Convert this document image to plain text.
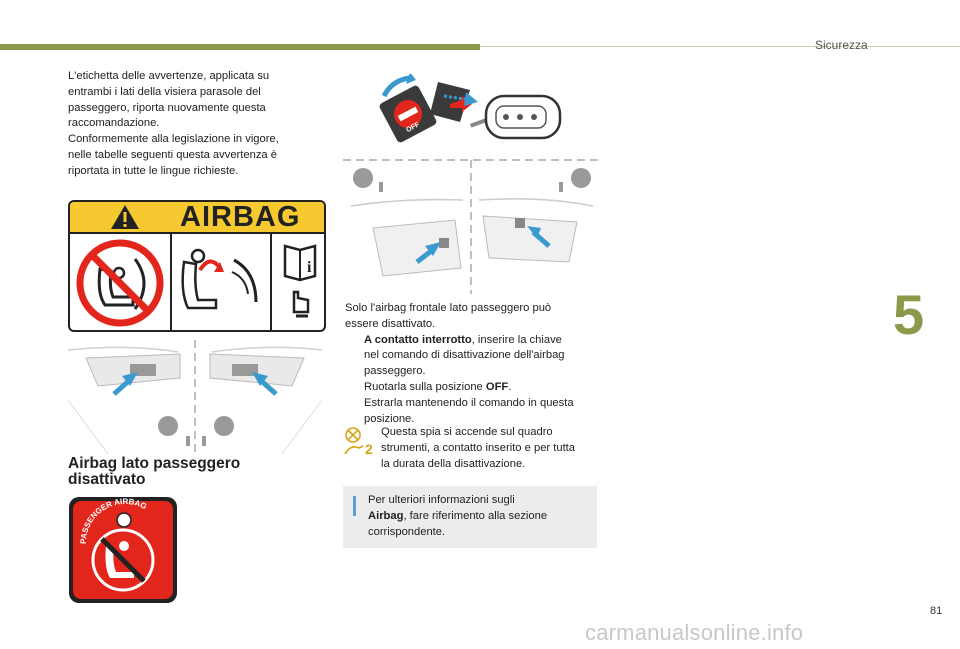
Sicurezza
5
81
carmanualsonline.info
L'etichetta delle avvertenze, applicata su
entrambi i lati della visiera parasole del
passeggero, riporta nuovamente questa
raccomandazione.
Conformemente alla legislazione in vigore,
nelle tabelle seguenti questa avvertenza è
riportata in tutte le lingue richieste.
AIRBAG
i
Airbag lato passeggero
disattivato
PASSENGER AIRBAG
OFF
Solo l'airbag frontale lato passeggero può
essere disattivato.
A contatto interrotto, inserire la chiave
nel comando di disattivazione dell'airbag
passeggero.
Ruotarla sulla posizione OFF.
Estrarla mantenendo il comando in questa
posizione.
2
Questa spia si accende sul quadro
strumenti, a contatto inserito e per tutta
la durata della disattivazione.
Per ulteriori informazioni sugli
Airbag, fare riferimento alla sezione
corrispondente.
